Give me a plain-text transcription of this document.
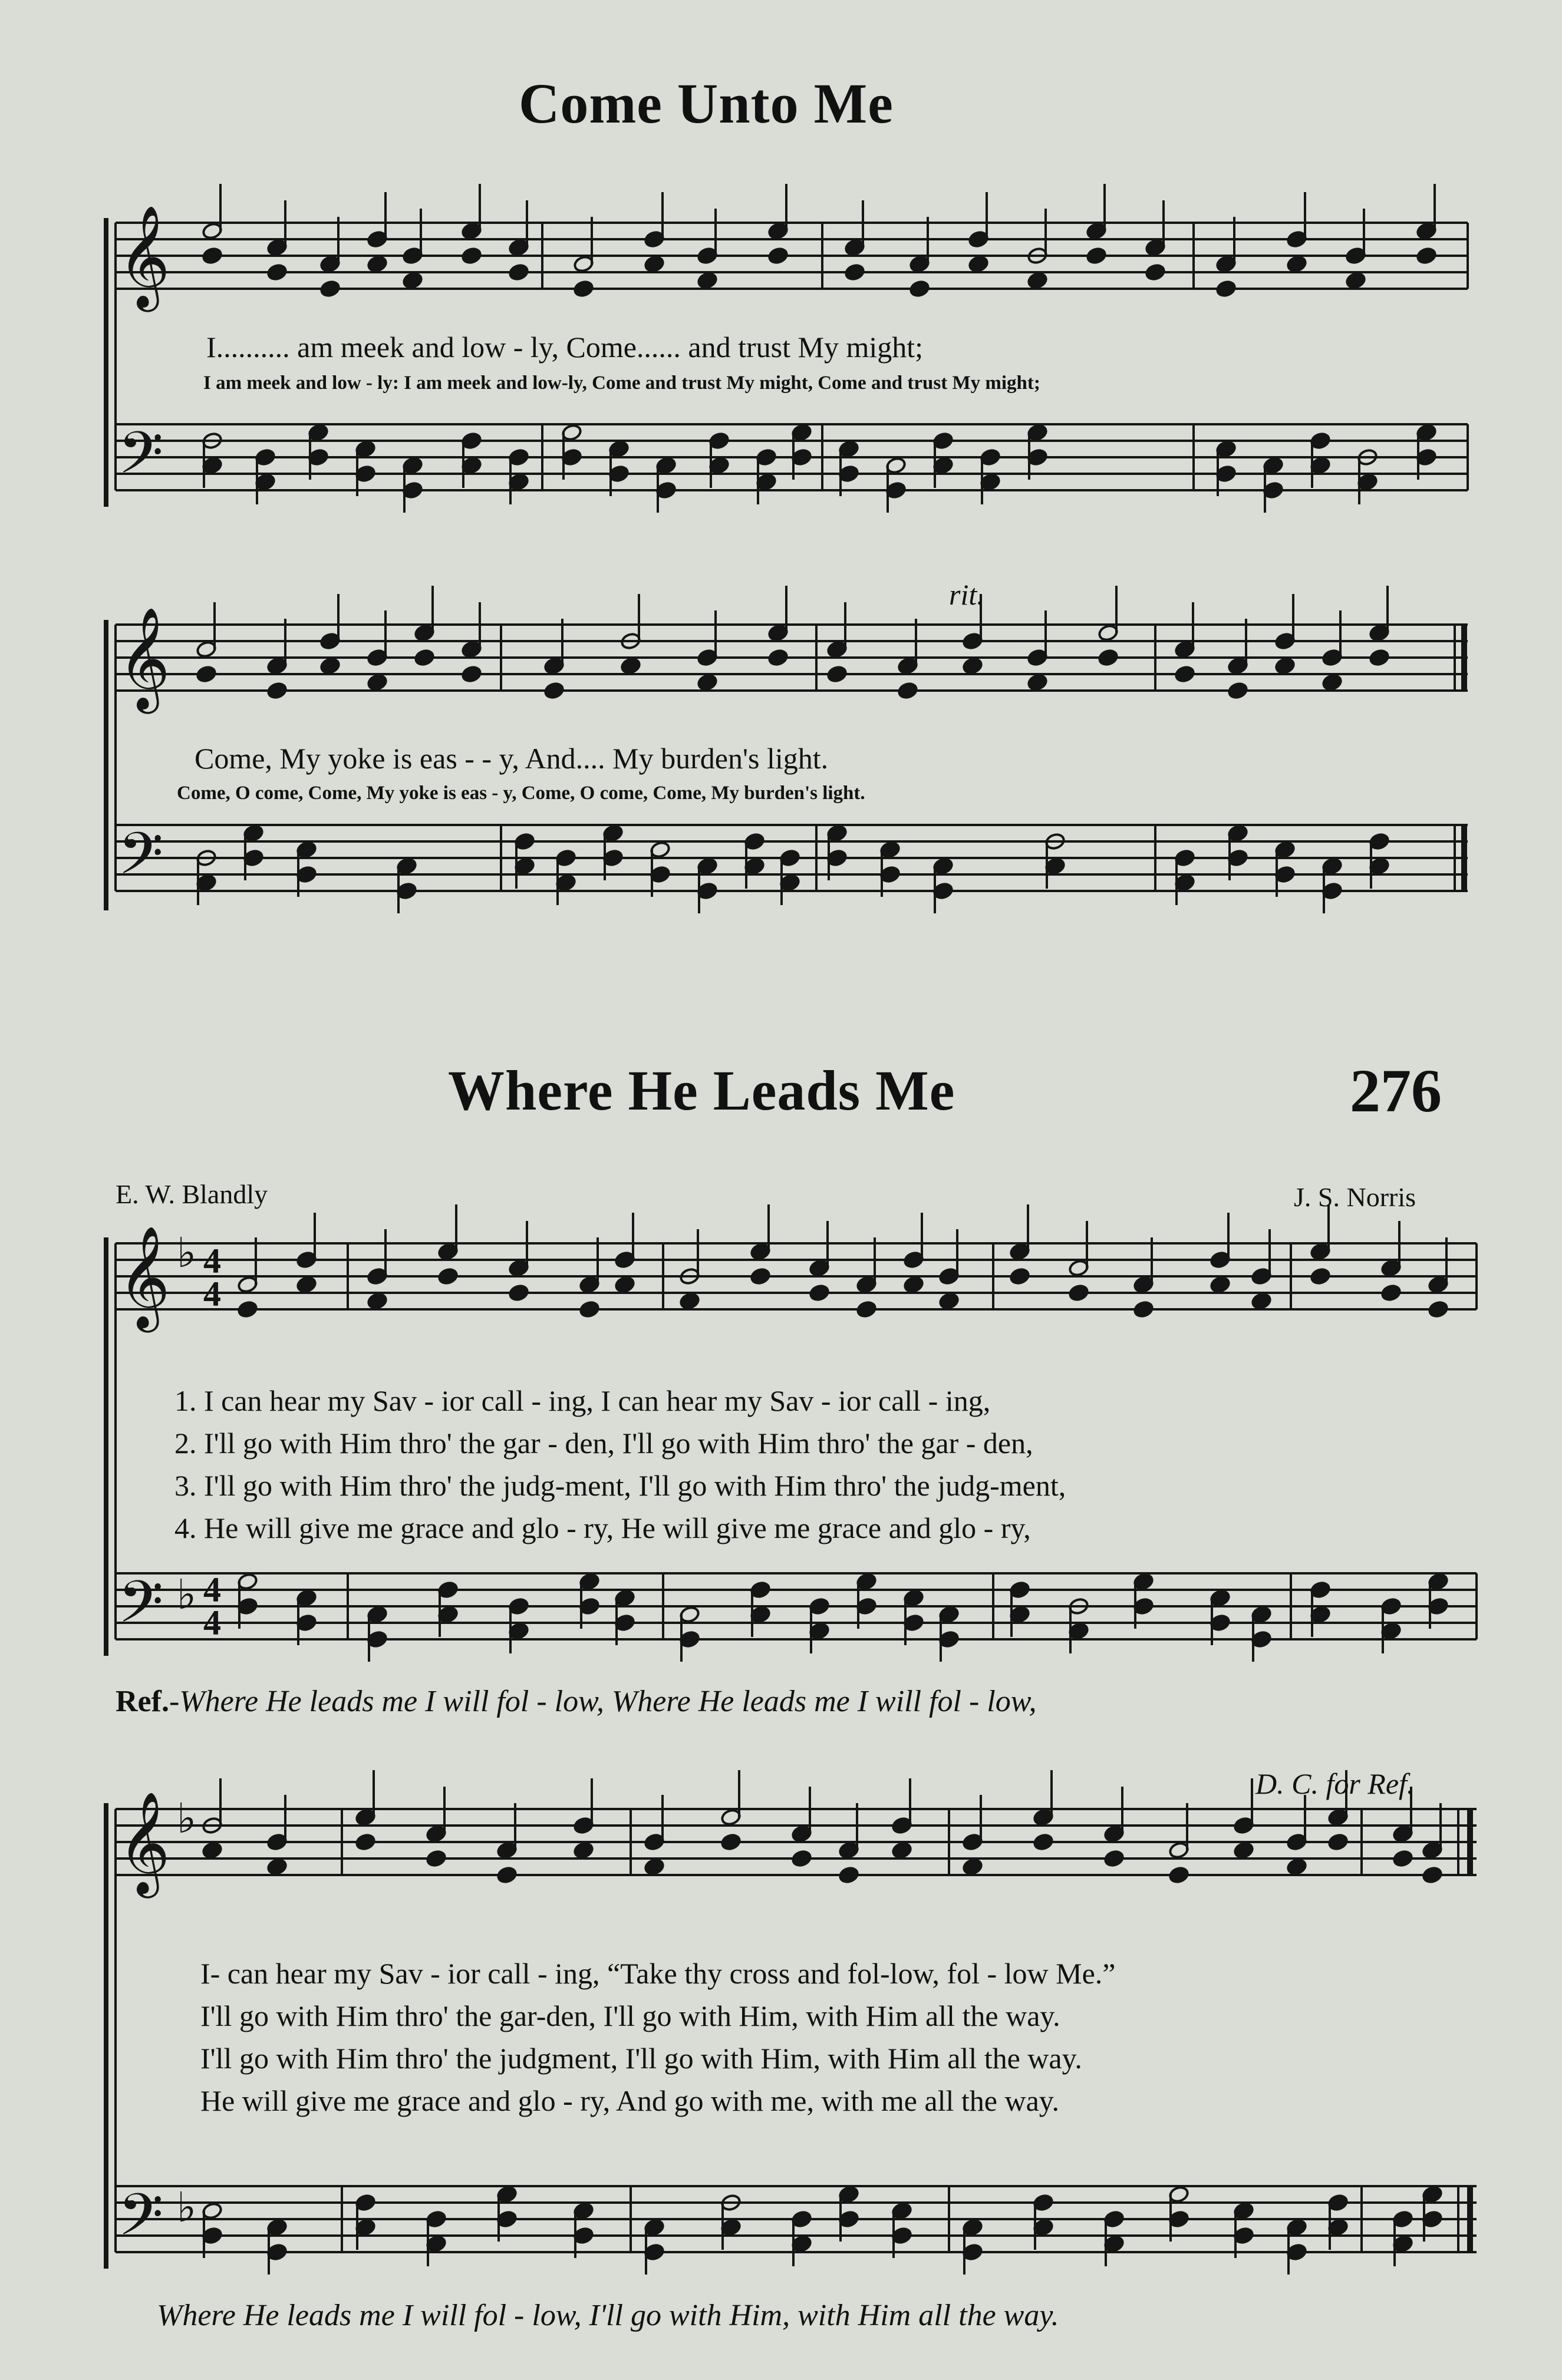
Come Unto Me
𝄞
𝄢
𝄞
𝄢
𝄞
𝄢
𝄞
𝄢
♭
♭
♭
♭
4
4
4
4
I.......... am meek and low - ly, Come...... and trust My might;
I am meek and low - ly: I am meek and low-ly, Come and trust My might, Come and trust My might;
rit.
Come, My yoke is eas - - y, And.... My burden's light.
Come, O come, Come, My yoke is eas - y, Come, O come, Come, My burden's light.
Where He Leads Me	276
E. W. Blandly	J. S. Norris
1. I can hear my Sav - ior call - ing, I can hear my Sav - ior call - ing,
2. I'll go with Him thro' the gar - den, I'll go with Him thro' the gar - den,
3. I'll go with Him thro' the judg-ment, I'll go with Him thro' the judg-ment,
4. He will give me grace and glo - ry, He will give me grace and glo - ry,
Ref.-Where He leads me I will fol - low, Where He leads me I will fol - low,
D. C. for Ref.
I- can hear my Sav - ior call - ing, “Take thy cross and fol-low, fol - low Me.”
I'll go with Him thro' the gar-den, I'll go with Him, with Him all the way.
I'll go with Him thro' the judgment, I'll go with Him, with Him all the way.
He will give me grace and glo - ry, And go with me, with me all the way.
Where He leads me I will fol - low, I'll go with Him, with Him all the way.
